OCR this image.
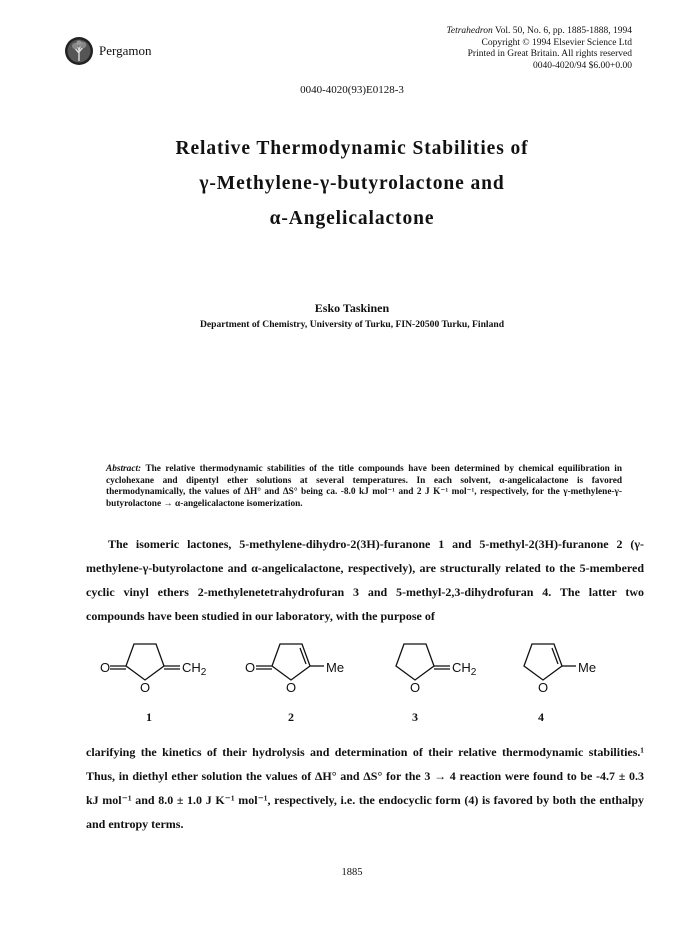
Pergamon
Tetrahedron Vol. 50, No. 6, pp. 1885-1888, 1994
Copyright © 1994 Elsevier Science Ltd
Printed in Great Britain. All rights reserved
0040-4020/94 $6.00+0.00
0040-4020(93)E0128-3
Relative Thermodynamic Stabilities of
γ-Methylene-γ-butyrolactone and
α-Angelicalactone
Esko Taskinen
Department of Chemistry, University of Turku, FIN-20500 Turku, Finland
Abstract: The relative thermodynamic stabilities of the title compounds have been determined by chemical equilibration in cyclohexane and dipentyl ether solutions at several temperatures. In each solvent, α-angelicalactone is favored thermodynamically, the values of ΔH° and ΔS° being ca. -8.0 kJ mol⁻¹ and 2 J K⁻¹ mol⁻¹, respectively, for the γ-methylene-γ-butyrolactone → α-angelicalactone isomerization.

The isomeric lactones, 5-methylene-dihydro-2(3H)-furanone 1 and 5-methyl-2(3H)-furanone 2 (γ-methylene-γ-butyrolactone and α-angelicalactone, respectively), are structurally related to the 5-membered cyclic vinyl ethers 2-methylenetetrahydrofuran 3 and 5-methyl-2,3-dihydrofuran 4. The latter two compounds have been studied in our laboratory, with the purpose of

O
O
$CH_2$	O
O
Me
O
$CH_2$
O
Me
1	2	3	4

clarifying the kinetics of their hydrolysis and determination of their relative thermodynamic stabilities.¹ Thus, in diethyl ether solution the values of ΔH° and ΔS° for the 3 → 4 reaction were found to be -4.7 ± 0.3 kJ mol⁻¹ and 8.0 ± 1.0 J K⁻¹ mol⁻¹, respectively, i.e. the endocyclic form (4) is favored by both the enthalpy and entropy terms.

1885
